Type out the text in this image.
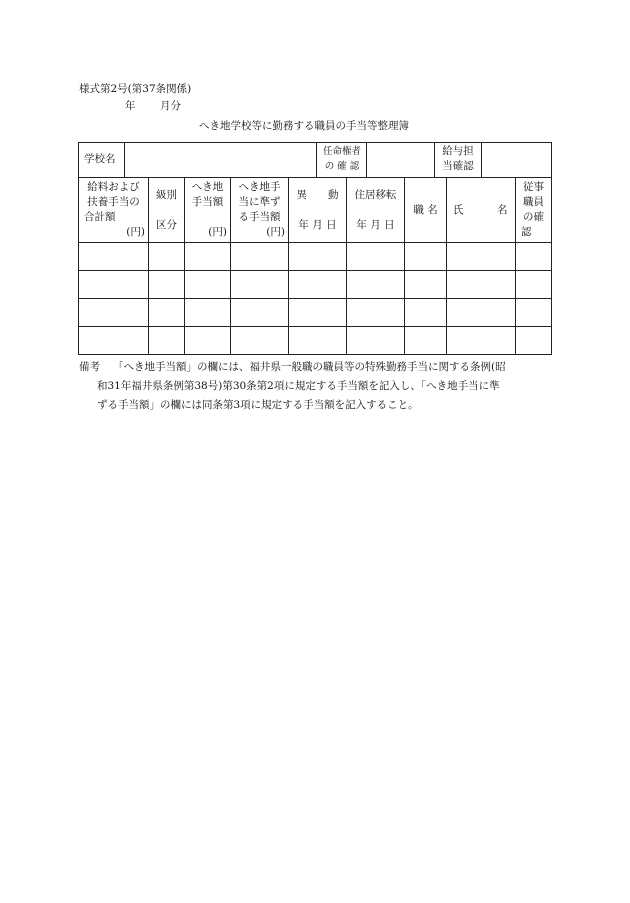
様式第2号(第37条関係)
年 月分
へき地学校等に勤務する職員の手当等整理簿
学校名
任命権者
の 確 認
給与担
当確認
給料および
扶養手当の
合計額
(円)
級別
区分
へき地
手当額
(円)
へき地手
当に準ず
る手当額
(円)
異　　動
年 月 日
住居移転
年 月 日
職 名	氏	名
従事
職員
の確
認
備考 「へき地手当額」の欄には、福井県一般職の職員等の特殊勤務手当に関する条例(昭
和31年福井県条例第38号)第30条第2項に規定する手当額を記入し、「へき地手当に準
ずる手当額」の欄には同条第3項に規定する手当額を記入すること。
